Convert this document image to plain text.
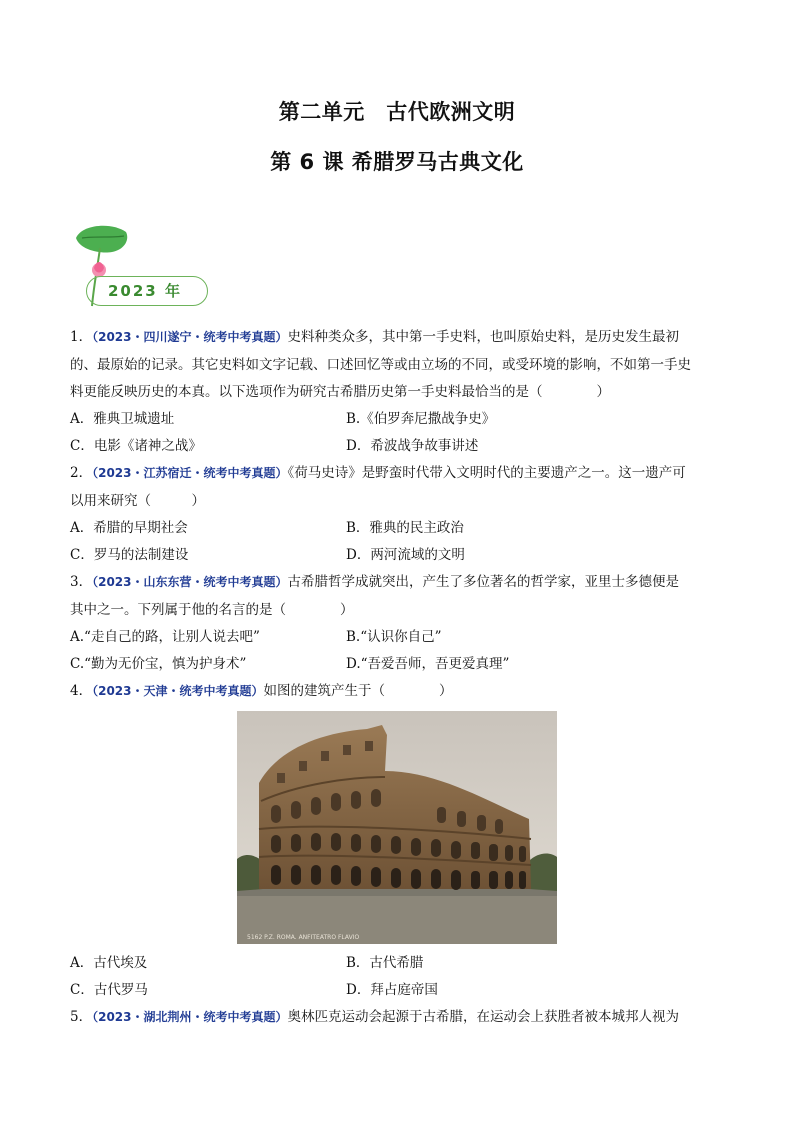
第二单元　古代欧洲文明
第 6 课 希腊罗马古典文化
2023 年
1．（2023・四川遂宁・统考中考真题）史料种类众多，其中第一手史料，也叫原始史料，是历史发生最初
的、最原始的记录。其它史料如文字记载、口述回忆等或由立场的不同，或受环境的影响，不如第一手史
料更能反映历史的本真。以下选项作为研究古希腊历史第一手史料最恰当的是（　　　　）
A．雅典卫城遗址	B.《伯罗奔尼撒战争史》
C．电影《诸神之战》	D．希波战争故事讲述
2．（2023・江苏宿迁・统考中考真题）《荷马史诗》是野蛮时代带入文明时代的主要遗产之一。这一遗产可
以用来研究（　　　）
A．希腊的早期社会	B．雅典的民主政治
C．罗马的法制建设	D．两河流域的文明
3．（2023・山东东营・统考中考真题）古希腊哲学成就突出，产生了多位著名的哲学家，亚里士多德便是
其中之一。下列属于他的名言的是（　　　　）
A.“走自己的路，让别人说去吧”	B.“认识你自己”
C.“勤为无价宝，慎为护身术”	D.“吾爱吾师，吾更爱真理”
4．（2023・天津・统考中考真题）如图的建筑产生于（　　　　）
5162 P.Z. ROMA. ANFITEATRO FLAVIO
A．古代埃及	B．古代希腊
C．古代罗马	D．拜占庭帝国
5．（2023・湖北荆州・统考中考真题）奥林匹克运动会起源于古希腊，在运动会上获胜者被本城邦人视为
